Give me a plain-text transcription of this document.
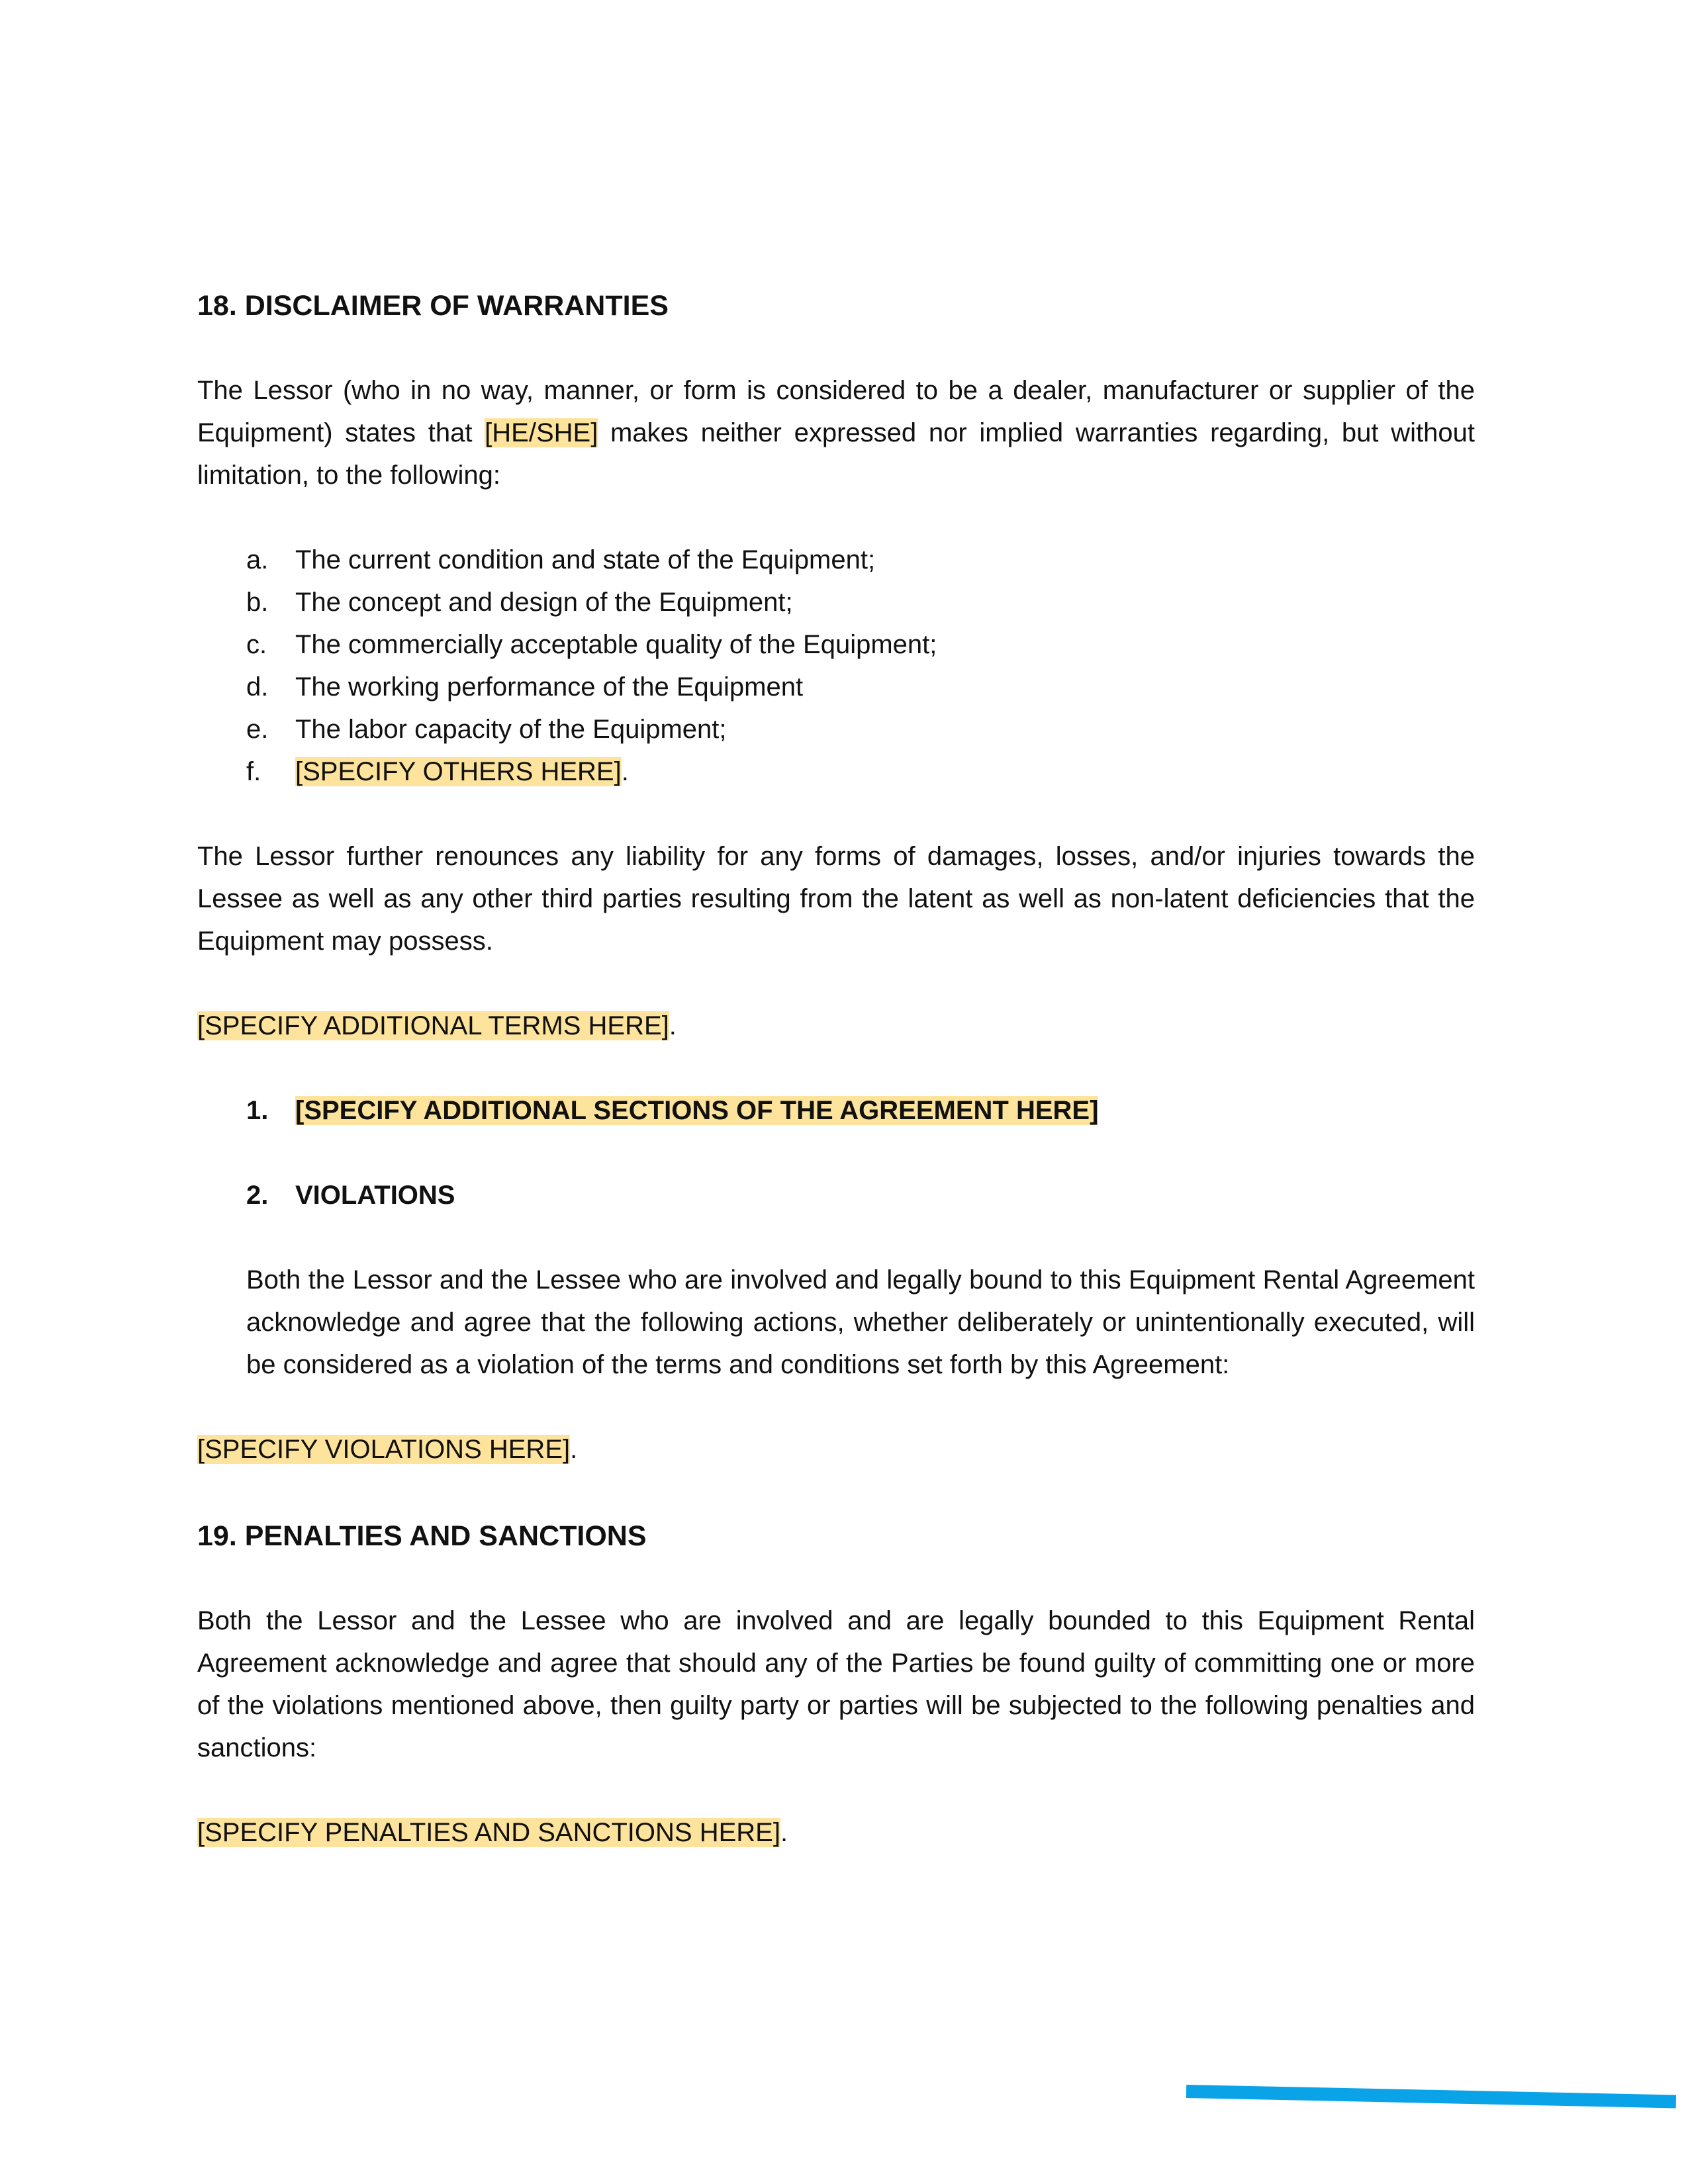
18. DISCLAIMER OF WARRANTIES

The Lessor (who in no way, manner, or form is considered to be a dealer, manufacturer or supplier of the Equipment) states that [HE/SHE] makes neither expressed nor implied warranties regarding, but without limitation, to the following:

a. The current condition and state of the Equipment;
b. The concept and design of the Equipment;
c. The commercially acceptable quality of the Equipment;
d. The working performance of the Equipment
e. The labor capacity of the Equipment;
f. [SPECIFY OTHERS HERE].

The Lessor further renounces any liability for any forms of damages, losses, and/or injuries towards the Lessee as well as any other third parties resulting from the latent as well as non-latent deficiencies that the Equipment may possess.

[SPECIFY ADDITIONAL TERMS HERE].

1. [SPECIFY ADDITIONAL SECTIONS OF THE AGREEMENT HERE]
2. VIOLATIONS

Both the Lessor and the Lessee who are involved and legally bound to this Equipment Rental Agreement acknowledge and agree that the following actions, whether deliberately or unintentionally executed, will be considered as a violation of the terms and conditions set forth by this Agreement:

[SPECIFY VIOLATIONS HERE].

19. PENALTIES AND SANCTIONS

Both the Lessor and the Lessee who are involved and are legally bounded to this Equipment Rental Agreement acknowledge and agree that should any of the Parties be found guilty of committing one or more of the violations mentioned above, then guilty party or parties will be subjected to the following penalties and sanctions:

[SPECIFY PENALTIES AND SANCTIONS HERE].
